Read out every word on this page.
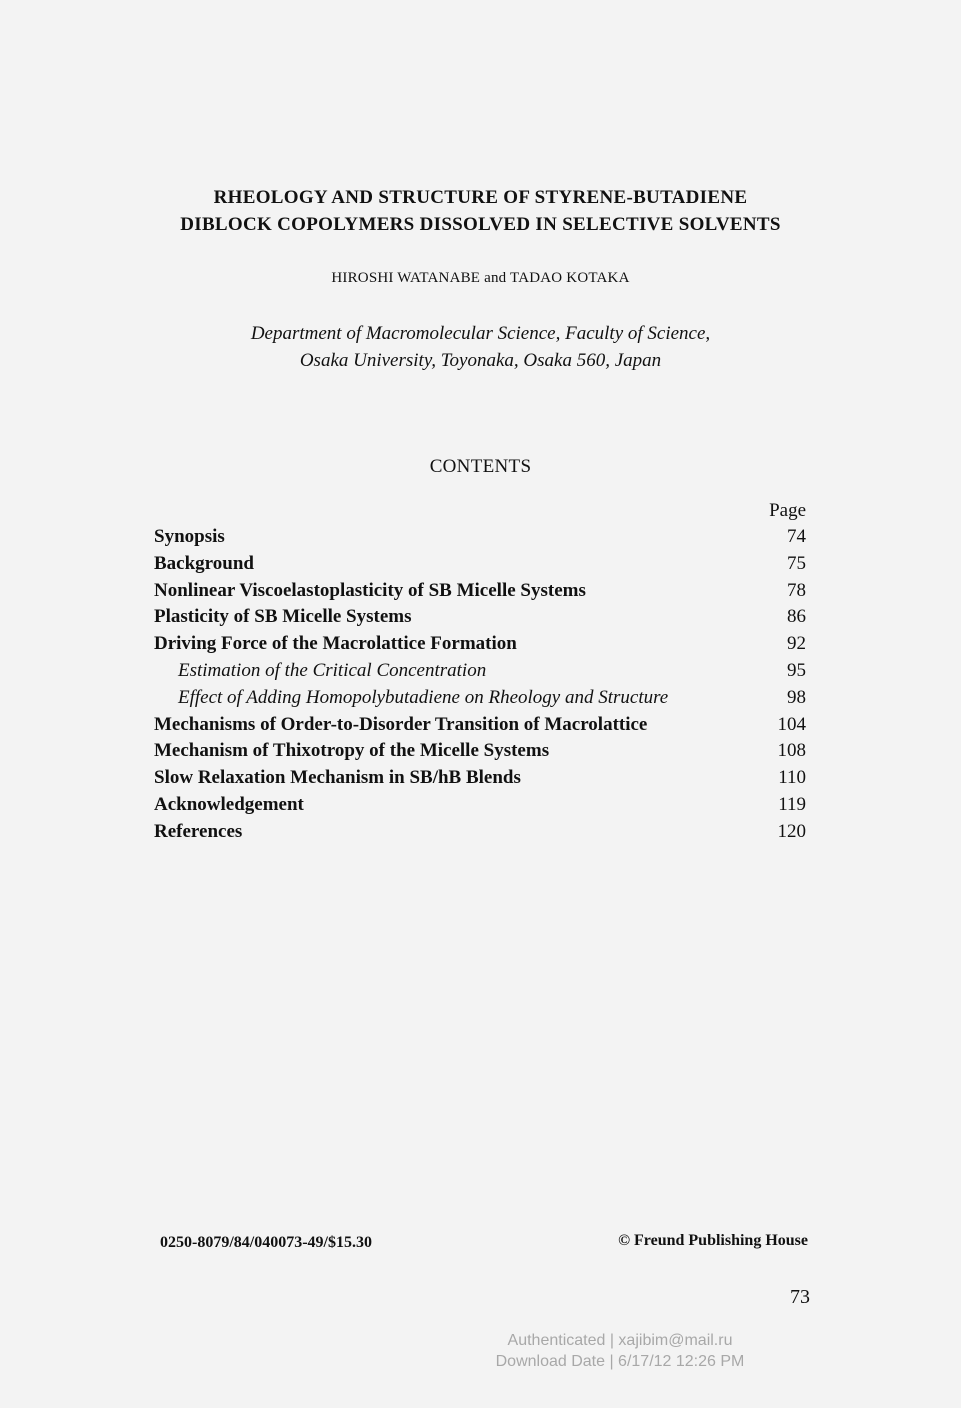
RHEOLOGY AND STRUCTURE OF STYRENE-BUTADIENE
DIBLOCK COPOLYMERS DISSOLVED IN SELECTIVE SOLVENTS
HIROSHI WATANABE and TADAO KOTAKA
Department of Macromolecular Science, Faculty of Science,
Osaka University, Toyonaka, Osaka 560, Japan
CONTENTS
Page
Synopsis	74
Background	75
Nonlinear Viscoelastoplasticity of SB Micelle Systems	78
Plasticity of SB Micelle Systems	86
Driving Force of the Macrolattice Formation	92
Estimation of the Critical Concentration	95
Effect of Adding Homopolybutadiene on Rheology and Structure	98
Mechanisms of Order-to-Disorder Transition of Macrolattice	104
Mechanism of Thixotropy of the Micelle Systems	108
Slow Relaxation Mechanism in SB/hB Blends	110
Acknowledgement	119
References	120
0250-8079/84/040073-49/$15.30	© Freund Publishing House
73
Authenticated | xajibim@mail.ru
Download Date | 6/17/12 12:26 PM
